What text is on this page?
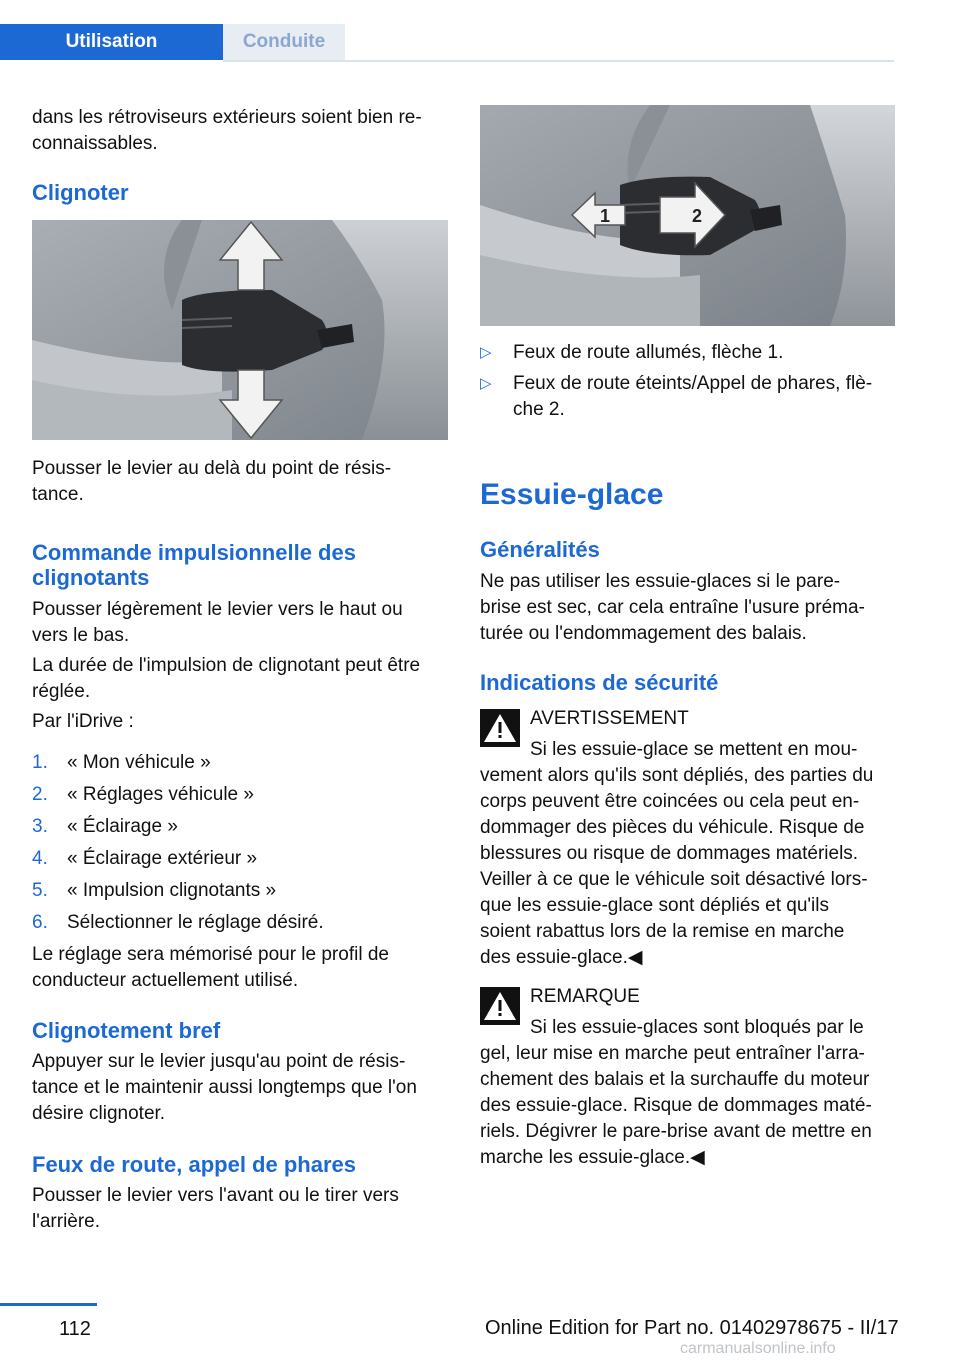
Utilisation	Conduite

dans les rétroviseurs extérieurs soient bien re‐

connaissables.

Clignoter

Pousser le levier au delà du point de résis‐

tance.

Commande impulsionnelle des
clignotants

Pousser légèrement le levier vers le haut ou

vers le bas.

La durée de l'impulsion de clignotant peut être

réglée.

Par l'iDrive :

1. « Mon véhicule »
2. « Réglages véhicule »
3. « Éclairage »
4. « Éclairage extérieur »
5. « Impulsion clignotants »
6. Sélectionner le réglage désiré.

Le réglage sera mémorisé pour le profil de

conducteur actuellement utilisé.

Clignotement bref

Appuyer sur le levier jusqu'au point de résis‐

tance et le maintenir aussi longtemps que l'on

désire clignoter.

Feux de route, appel de phares

Pousser le levier vers l'avant ou le tirer vers

l'arrière.

1	2
▷ Feux de route allumés, flèche 1.

▷ Feux de route éteints/Appel de phares, flè‐

che 2.

Essuie-glace
Généralités

Ne pas utiliser les essuie-glaces si le pare-

brise est sec, car cela entraîne l'usure préma‐

turée ou l'endommagement des balais.

Indications de sécurité

AVERTISSEMENT

Si les essuie-glace se mettent en mou‐

vement alors qu'ils sont dépliés, des parties du

corps peuvent être coincées ou cela peut en‐

dommager des pièces du véhicule. Risque de

blessures ou risque de dommages matériels.

Veiller à ce que le véhicule soit désactivé lors‐

que les essuie-glace sont dépliés et qu'ils

soient rabattus lors de la remise en marche

des essuie-glace.◀

REMARQUE

Si les essuie-glaces sont bloqués par le

gel, leur mise en marche peut entraîner l'arra‐

chement des balais et la surchauffe du moteur

des essuie-glace. Risque de dommages maté‐

riels. Dégivrer le pare-brise avant de mettre en

marche les essuie-glace.◀

112	Online Edition for Part no. 01402978675 - II/17
carmanualsonline.info
